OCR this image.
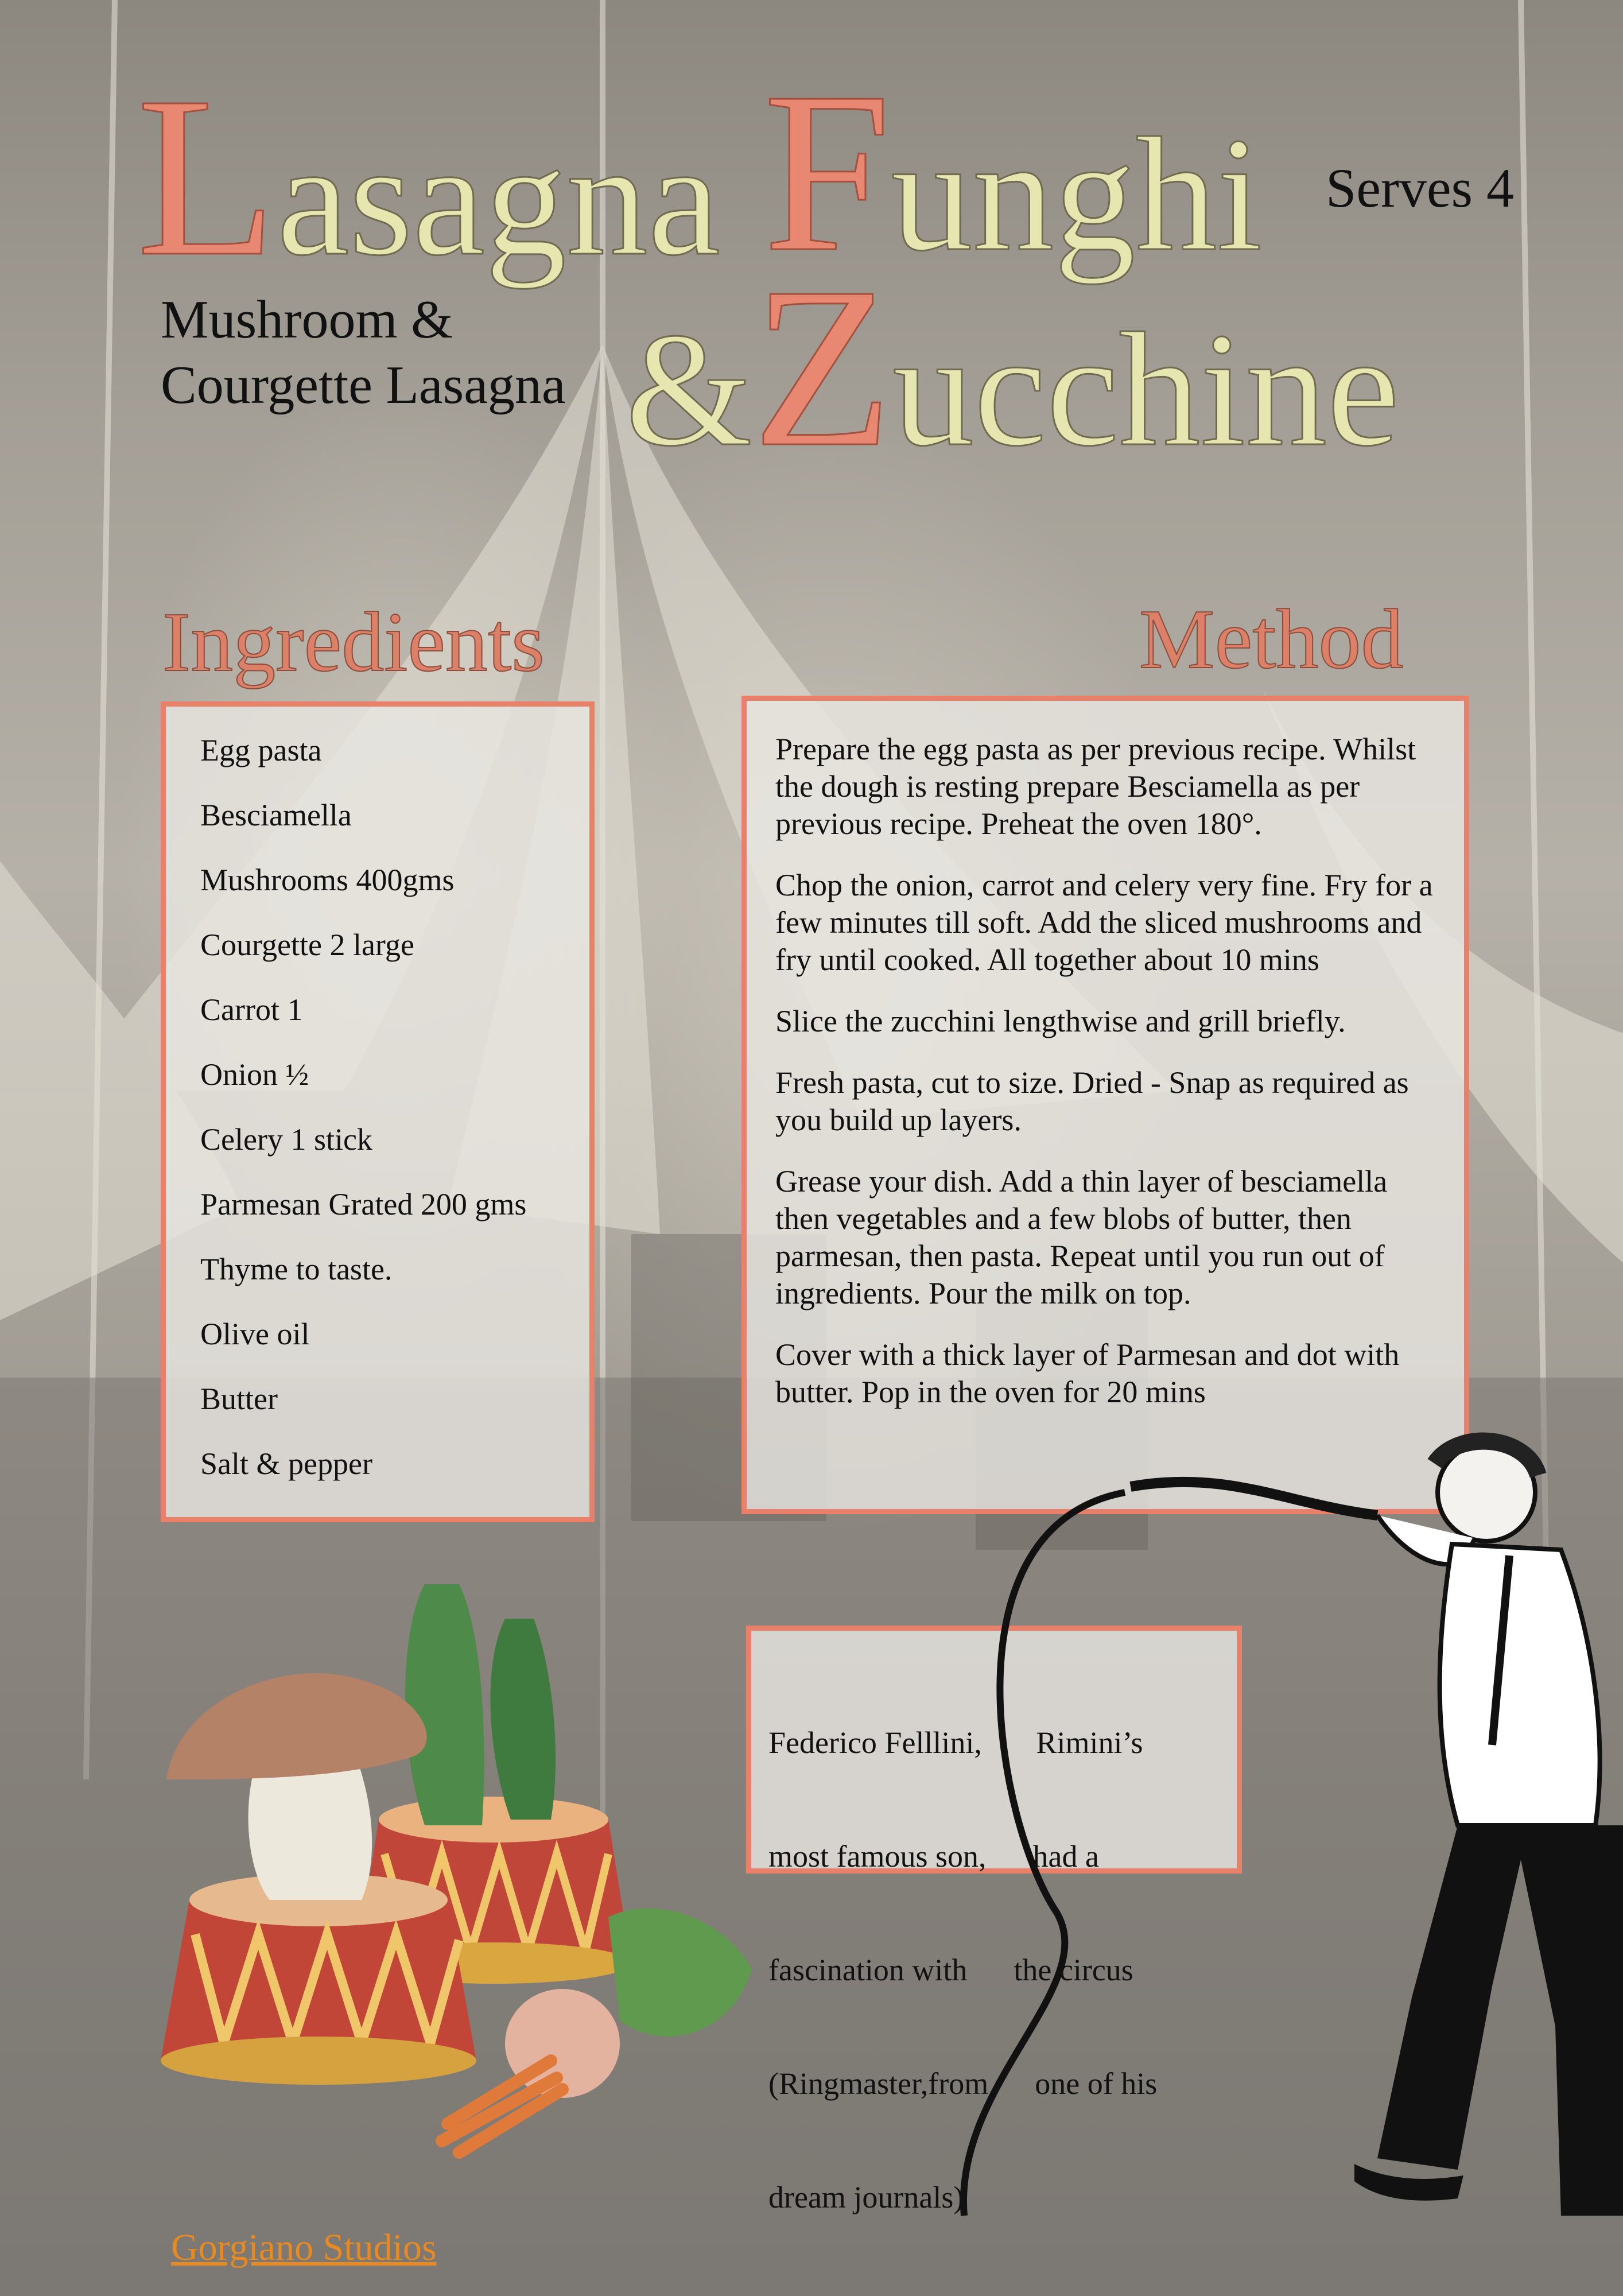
Lasagna Funghi Serves 4
Mushroom &
Courgette Lasagna &Zucchine
Ingredients
Egg pasta
Besciamella
Mushrooms 400gms
Courgette 2 large
Carrot 1
Onion ½
Celery 1 stick
Parmesan Grated 200 gms
Thyme to taste.
Olive oil
Butter
Salt & pepper
Method

Prepare the egg pasta as per previous recipe. Whilst the dough is resting prepare Besciamella as per previous recipe. Preheat the oven 180°.

Chop the onion, carrot and celery very fine. Fry for a few minutes till soft. Add the sliced mushrooms and fry until cooked. All together about 10 mins

Slice the zucchini lengthwise and grill briefly.

Fresh pasta, cut to size. Dried - Snap as required as you build up layers.

Grease your dish. Add a thin layer of besciamella then vegetables and a few blobs of butter, then parmesan, then pasta. Repeat until you run out of ingredients. Pour the milk on top.

Cover with a thick layer of Parmesan and dot with butter. Pop in the oven for 20 mins

Federico Felllini,       Rimini’s

most famous son,      had a

fascination with      the circus

(Ringmaster,from      one of his

dream journals)

Gorgiano Studios
